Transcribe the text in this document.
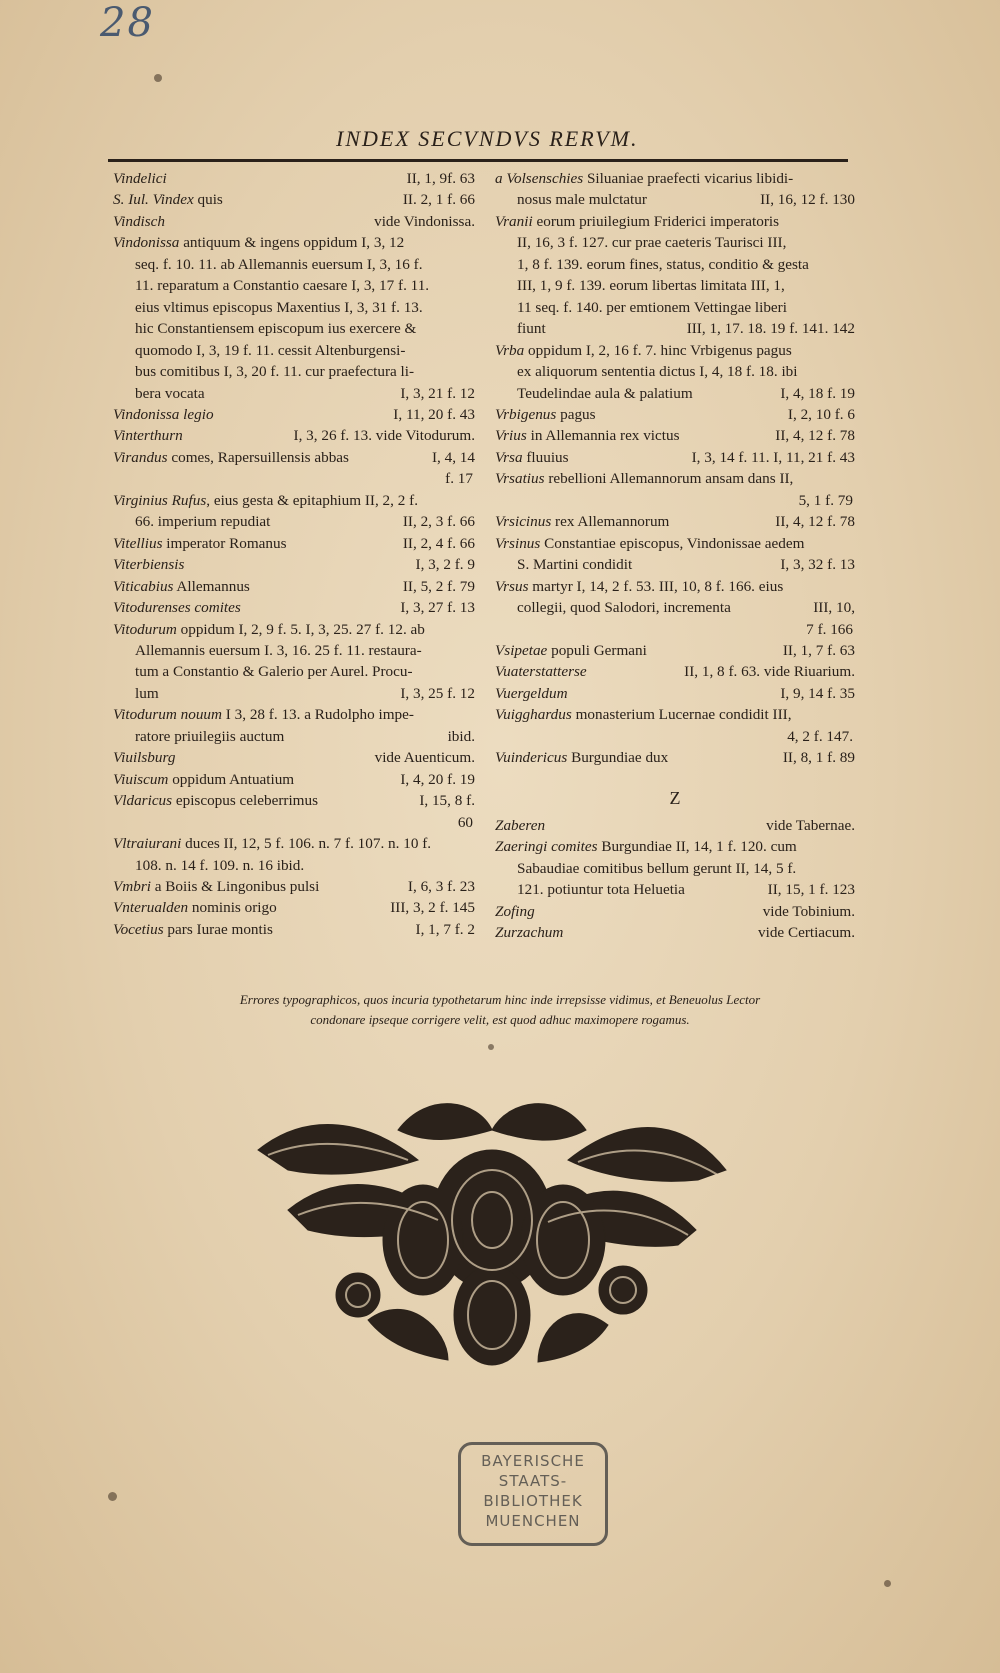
28
INDEX SECVNDVS RERVM.
Vindelici	II, 1, 9f. 63
S. Iul. Vindex quis	II. 2, 1 f. 66
Vindisch	vide Vindonissa.
Vindonissa antiquum & ingens oppidum I, 3, 12
seq. f. 10. 11. ab Allemannis euersum I, 3, 16 f.
11. reparatum a Constantio caesare I, 3, 17 f. 11.
eius vltimus episcopus Maxentius I, 3, 31 f. 13.
hic Constantiensem episcopum ius exercere &
quomodo I, 3, 19 f. 11. cessit Altenburgensi-
bus comitibus I, 3, 20 f. 11. cur praefectura li-
bera vocata	I, 3, 21 f. 12
Vindonissa legio	I, 11, 20 f. 43
Vinterthurn	I, 3, 26 f. 13. vide Vitodurum.
Virandus comes, Rapersuillensis abbas	I, 4, 14
f. 17
Virginius Rufus, eius gesta & epitaphium II, 2, 2 f.
66. imperium repudiat	II, 2, 3 f. 66
Vitellius imperator Romanus	II, 2, 4 f. 66
Viterbiensis	I, 3, 2 f. 9
Viticabius Allemannus	II, 5, 2 f. 79
Vitodurenses comites	I, 3, 27 f. 13
Vitodurum oppidum I, 2, 9 f. 5. I, 3, 25. 27 f. 12. ab
Allemannis euersum I. 3, 16. 25 f. 11. restaura-
tum a Constantio & Galerio per Aurel. Procu-
lum	I, 3, 25 f. 12
Vitodurum nouum I 3, 28 f. 13. a Rudolpho impe-
ratore priuilegiis auctum	ibid.
Viuilsburg	vide Auenticum.
Viuiscum oppidum Antuatium	I, 4, 20 f. 19
Vldaricus episcopus celeberrimus	I, 15, 8 f.
60
Vltraiurani duces II, 12, 5 f. 106. n. 7 f. 107. n. 10 f.
108. n. 14 f. 109. n. 16 ibid.
Vmbri a Boiis & Lingonibus pulsi	I, 6, 3 f. 23
Vnterualden nominis origo	III, 3, 2 f. 145
Vocetius pars Iurae montis	I, 1, 7 f. 2
a Volsenschies Siluaniae praefecti vicarius libidi-
nosus male mulctatur	II, 16, 12 f. 130
Vranii eorum priuilegium Friderici imperatoris
II, 16, 3 f. 127. cur prae caeteris Taurisci III,
1, 8 f. 139. eorum fines, status, conditio & gesta
III, 1, 9 f. 139. eorum libertas limitata III, 1,
11 seq. f. 140. per emtionem Vettingae liberi
fiunt	III, 1, 17. 18. 19 f. 141. 142
Vrba oppidum I, 2, 16 f. 7. hinc Vrbigenus pagus
ex aliquorum sententia dictus I, 4, 18 f. 18. ibi
Teudelindae aula & palatium	I, 4, 18 f. 19
Vrbigenus pagus	I, 2, 10 f. 6
Vrius in Allemannia rex victus	II, 4, 12 f. 78
Vrsa fluuius	I, 3, 14 f. 11. I, 11, 21 f. 43
Vrsatius rebellioni Allemannorum ansam dans II,
5, 1 f. 79
Vrsicinus rex Allemannorum	II, 4, 12 f. 78
Vrsinus Constantiae episcopus, Vindonissae aedem
S. Martini condidit	I, 3, 32 f. 13
Vrsus martyr I, 14, 2 f. 53. III, 10, 8 f. 166. eius
collegii, quod Salodori, incrementa	III, 10,
7 f. 166
Vsipetae populi Germani	II, 1, 7 f. 63
Vuaterstatterse	II, 1, 8 f. 63. vide Riuarium.
Vuergeldum	I, 9, 14 f. 35
Vuigghardus monasterium Lucernae condidit III,
4, 2 f. 147.
Vuindericus Burgundiae dux	II, 8, 1 f. 89
Z
Zaberen	vide Tabernae.
Zaeringi comites Burgundiae II, 14, 1 f. 120. cum
Sabaudiae comitibus bellum gerunt II, 14, 5 f.
121. potiuntur tota Heluetia	II, 15, 1 f. 123
Zofing	vide Tobinium.
Zurzachum	vide Certiacum.
Errores typographicos, quos incuria typothetarum hinc inde irrepsisse vidimus, et Beneuolus Lector
condonare ipseque corrigere velit, est quod adhuc maximopere rogamus.
BAYERISCHE
STAATS-
BIBLIOTHEK
MUENCHEN
